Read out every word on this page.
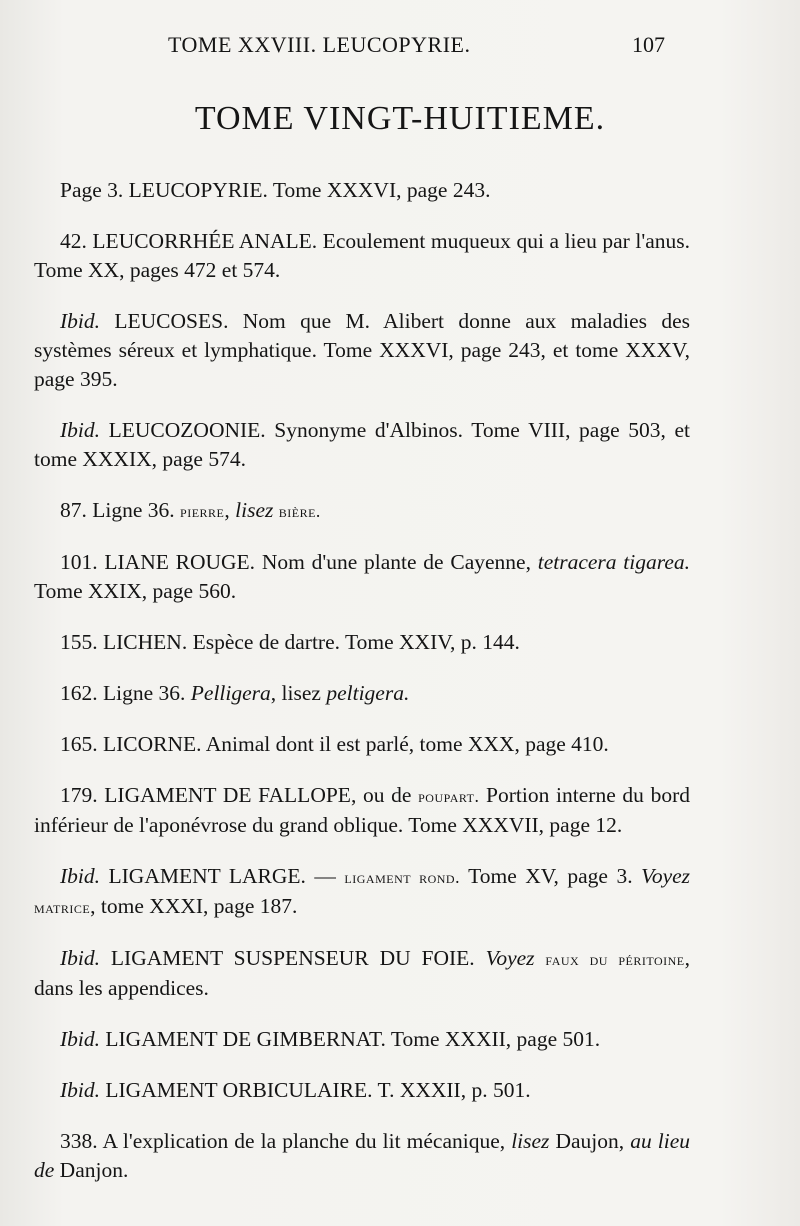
TOME XXVIII. LEUCOPYRIE.	107
TOME VINGT-HUITIEME.

Page 3. LEUCOPYRIE. Tome XXXVI, page 243.

42. LEUCORRHÉE ANALE. Ecoulement muqueux qui a lieu par l'anus. Tome XX, pages 472 et 574.

Ibid. LEUCOSES. Nom que M. Alibert donne aux maladies des systèmes séreux et lymphatique. Tome XXXVI, page 243, et tome XXXV, page 395.

Ibid. LEUCOZOONIE. Synonyme d'Albinos. Tome VIII, page 503, et tome XXXIX, page 574.

87. Ligne 36. pierre, lisez bière.

101. LIANE ROUGE. Nom d'une plante de Cayenne, tetracera tigarea. Tome XXIX, page 560.

155. LICHEN. Espèce de dartre. Tome XXIV, p. 144.

162. Ligne 36. Pelligera, lisez peltigera.

165. LICORNE. Animal dont il est parlé, tome XXX, page 410.

179. LIGAMENT DE FALLOPE, ou de poupart. Portion interne du bord inférieur de l'aponévrose du grand oblique. Tome XXXVII, page 12.

Ibid. LIGAMENT LARGE. — ligament rond. Tome XV, page 3. Voyez matrice, tome XXXI, page 187.

Ibid. LIGAMENT SUSPENSEUR DU FOIE. Voyez faux du péritoine, dans les appendices.

Ibid. LIGAMENT DE GIMBERNAT. Tome XXXII, page 501.

Ibid. LIGAMENT ORBICULAIRE. T. XXXII, p. 501.

338. A l'explication de la planche du lit mécanique, lisez Daujon, au lieu de Danjon.
